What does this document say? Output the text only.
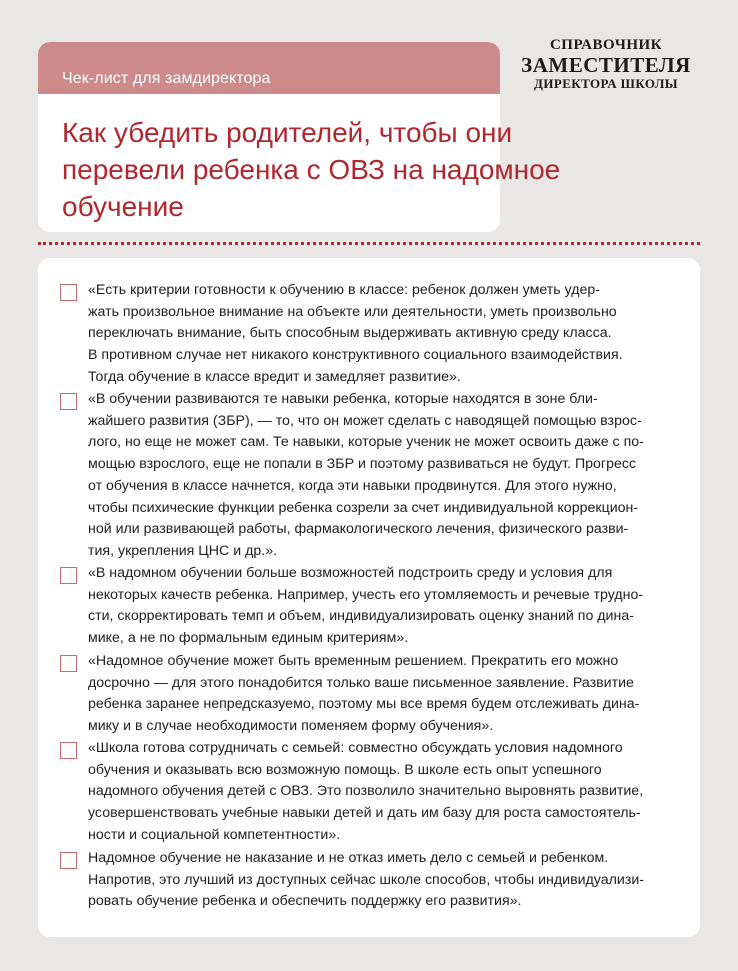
Чек-лист для замдиректора
Как убедить родителей, чтобы они
перевели ребенка с ОВЗ на надомное
обучение
СПРАВОЧНИК
ЗАМЕСТИТЕЛЯ
ДИРЕКТОРА ШКОЛЫ

«Есть критерии готовности к обучению в классе: ребенок должен уметь удер-
жать произвольное внимание на объекте или деятельности, уметь произвольно
переключать внимание, быть способным выдерживать активную среду класса.
В противном случае нет никакого конструктивного социального взаимодействия.
Тогда обучение в классе вредит и замедляет развитие».

«В обучении развиваются те навыки ребенка, которые находятся в зоне бли-
жайшего развития (ЗБР), — то, что он может сделать с наводящей помощью взрос-
лого, но еще не может сам. Те навыки, которые ученик не может освоить даже с по-
мощью взрослого, еще не попали в ЗБР и поэтому развиваться не будут. Прогресс
от обучения в классе начнется, когда эти навыки продвинутся. Для этого нужно,
чтобы психические функции ребенка созрели за счет индивидуальной коррекцион-
ной или развивающей работы, фармакологического лечения, физического разви-
тия, укрепления ЦНС и др.».

«В надомном обучении больше возможностей подстроить среду и условия для
некоторых качеств ребенка. Например, учесть его утомляемость и речевые трудно-
сти, скорректировать темп и объем, индивидуализировать оценку знаний по дина-
мике, а не по формальным единым критериям».

«Надомное обучение может быть временным решением. Прекратить его можно
досрочно — для этого понадобится только ваше письменное заявление. Развитие
ребенка заранее непредсказуемо, поэтому мы все время будем отслеживать дина-
мику и в случае необходимости поменяем форму обучения».

«Школа готова сотрудничать с семьей: совместно обсуждать условия надомного
обучения и оказывать всю возможную помощь. В школе есть опыт успешного
надомного обучения детей с ОВЗ. Это позволило значительно выровнять развитие,
усовершенствовать учебные навыки детей и дать им базу для роста самостоятель-
ности и социальной компетентности».

Надомное обучение не наказание и не отказ иметь дело с семьей и ребенком.
Напротив, это лучший из доступных сейчас школе способов, чтобы индивидуализи-
ровать обучение ребенка и обеспечить поддержку его развития».
